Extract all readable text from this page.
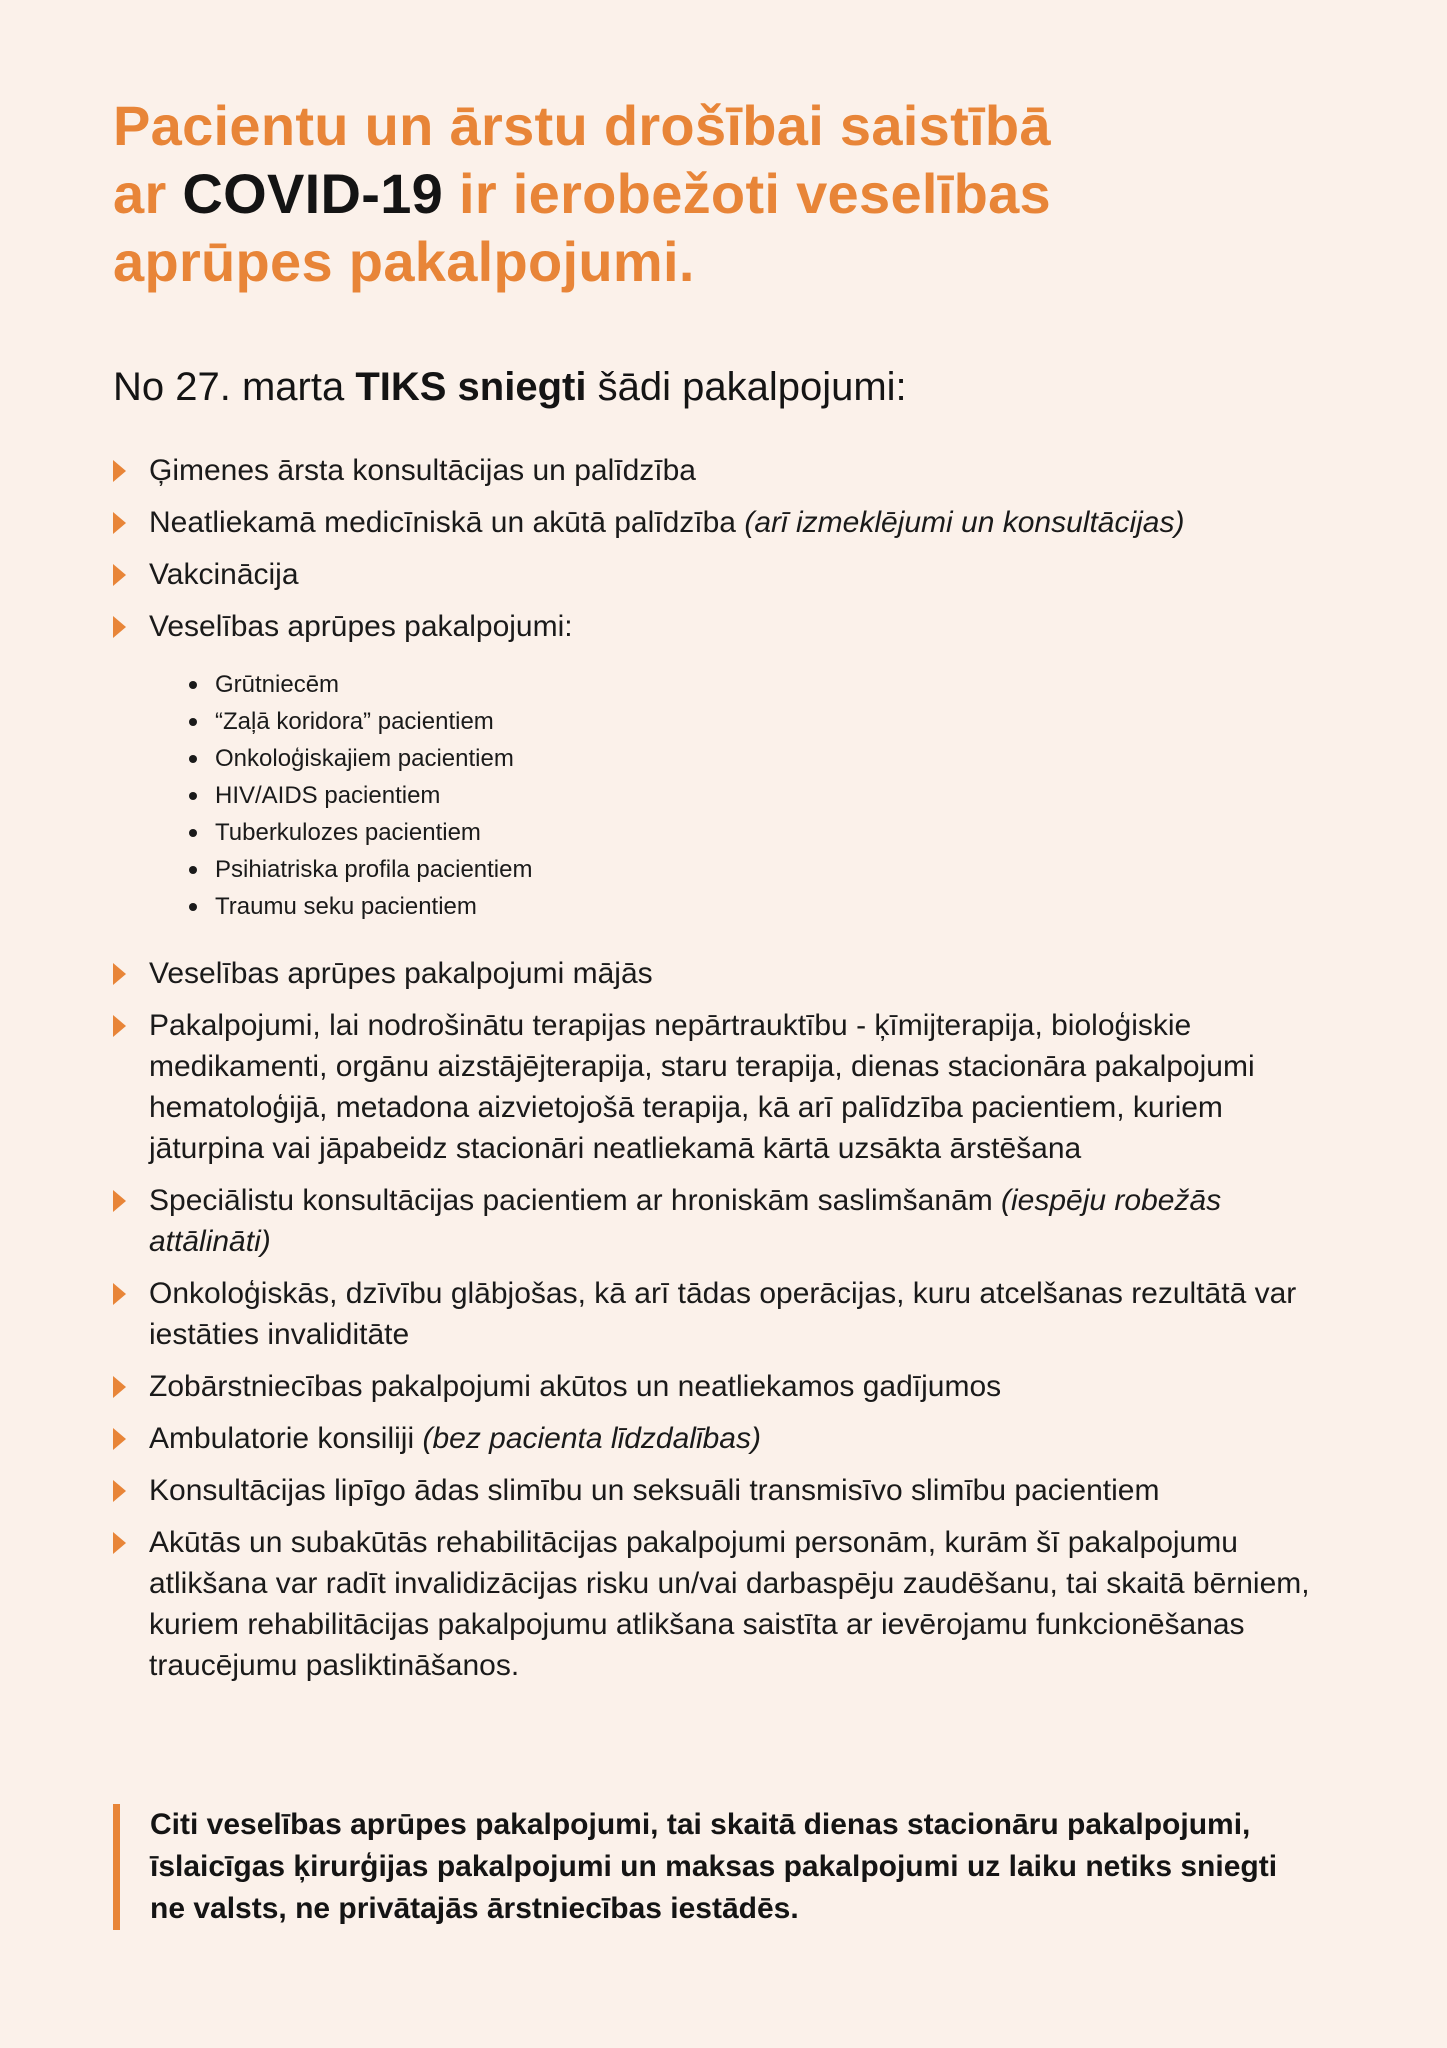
Pacientu un ārstu drošībai saistībā
ar COVID-19 ir ierobežoti veselības
aprūpes pakalpojumi.

No 27. marta TIKS sniegti šādi pakalpojumi:

Ģimenes ārsta konsultācijas un palīdzība
Neatliekamā medicīniskā un akūtā palīdzība (arī izmeklējumi un konsultācijas)
Vakcinācija
Veselības aprūpes pakalpojumi:
Grūtniecēm
“Zaļā koridora” pacientiem
Onkoloģiskajiem pacientiem
HIV/AIDS pacientiem
Tuberkulozes pacientiem
Psihiatriska profila pacientiem
Traumu seku pacientiem
Veselības aprūpes pakalpojumi mājās
Pakalpojumi, lai nodrošinātu terapijas nepārtrauktību - ķīmijterapija, bioloģiskie medikamenti, orgānu aizstājējterapija, staru terapija, dienas stacionāra pakalpojumi hematoloģijā, metadona aizvietojošā terapija, kā arī palīdzība pacientiem, kuriem jāturpina vai jāpabeidz stacionāri neatliekamā kārtā uzsākta ārstēšana
Speciālistu konsultācijas pacientiem ar hroniskām saslimšanām (iespēju robežās attālināti)
Onkoloģiskās, dzīvību glābjošas, kā arī tādas operācijas, kuru atcelšanas rezultātā var iestāties invaliditāte
Zobārstniecības pakalpojumi akūtos un neatliekamos gadījumos
Ambulatorie konsiliji (bez pacienta līdzdalības)
Konsultācijas lipīgo ādas slimību un seksuāli transmisīvo slimību pacientiem
Akūtās un subakūtās rehabilitācijas pakalpojumi personām, kurām šī pakalpojumu atlikšana var radīt invalidizācijas risku un/vai darbaspēju zaudēšanu, tai skaitā bērniem, kuriem rehabilitācijas pakalpojumu atlikšana saistīta ar ievērojamu funkcionēšanas traucējumu pasliktināšanos.
Citi veselības aprūpes pakalpojumi, tai skaitā dienas stacionāru pakalpojumi, īslaicīgas ķirurģijas pakalpojumi un maksas pakalpojumi uz laiku netiks sniegti ne valsts, ne privātajās ārstniecības iestādēs.
